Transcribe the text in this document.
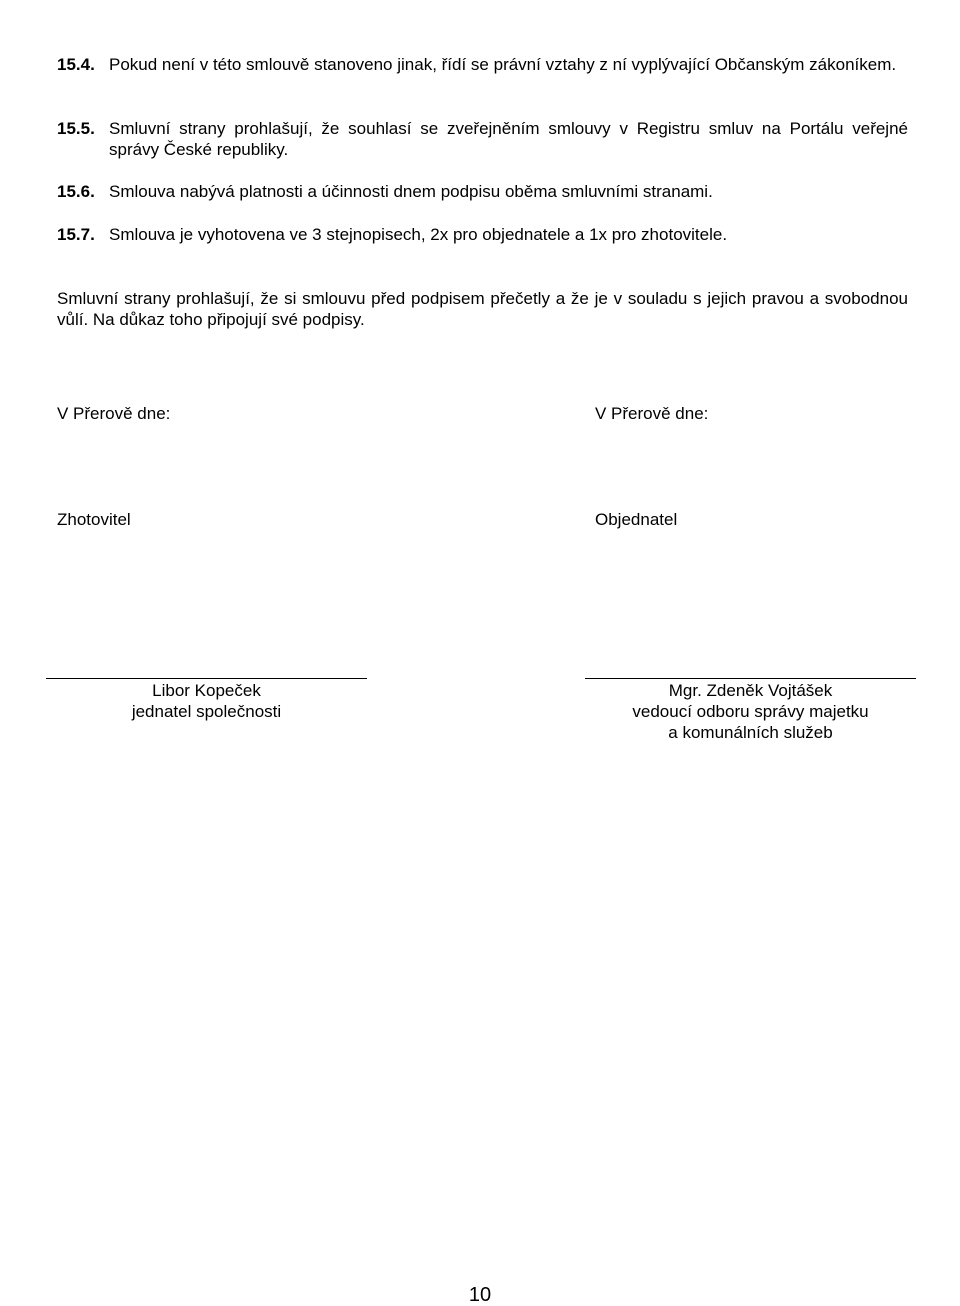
15.4. Pokud není v této smlouvě stanoveno jinak, řídí se právní vztahy z ní vyplývající Občanským zákoníkem.
15.5. Smluvní strany prohlašují, že souhlasí se zveřejněním smlouvy v Registru smluv na Portálu veřejné správy České republiky.
15.6. Smlouva nabývá platnosti a účinnosti dnem podpisu oběma smluvními stranami.
15.7. Smlouva je vyhotovena ve 3 stejnopisech, 2x pro objednatele a 1x pro zhotovitele.
Smluvní strany prohlašují, že si smlouvu před podpisem přečetly a že je v souladu s jejich pravou a svobodnou vůlí. Na důkaz toho připojují své podpisy.
V Přerově dne:	V Přerově dne:
Zhotovitel	Objednatel
Libor Kopeček
jednatel společnosti
Mgr. Zdeněk Vojtášek
vedoucí odboru správy majetku
a komunálních služeb
10
